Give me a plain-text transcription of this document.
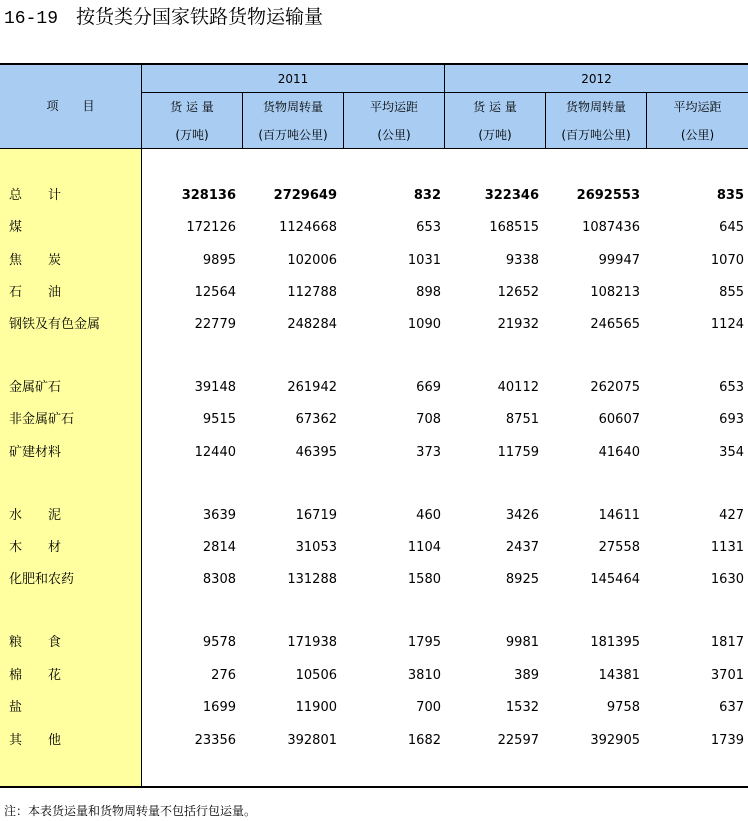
16-19 按货类分国家铁路货物运输量
项　　目
2011	2012
货 运 量	货物周转量	平均运距	货 运 量	货物周转量	平均运距
(万吨)	(百万吨公里)	(公里)	(万吨)	(百万吨公里)	(公里)
总　　计	328136	2729649	832	322346	2692553	835
煤	172126	1124668	653	168515	1087436	645
焦　　炭	9895	102006	1031	9338	99947	1070
石　　油	12564	112788	898	12652	108213	855
钢铁及有色金属	22779	248284	1090	21932	246565	1124
金属矿石	39148	261942	669	40112	262075	653
非金属矿石	9515	67362	708	8751	60607	693
矿建材料	12440	46395	373	11759	41640	354
水　　泥	3639	16719	460	3426	14611	427
木　　材	2814	31053	1104	2437	27558	1131
化肥和农药	8308	131288	1580	8925	145464	1630
粮　　食	9578	171938	1795	9981	181395	1817
棉　　花	276	10506	3810	389	14381	3701
盐	1699	11900	700	1532	9758	637
其　　他	23356	392801	1682	22597	392905	1739
注：本表货运量和货物周转量不包括行包运量。
